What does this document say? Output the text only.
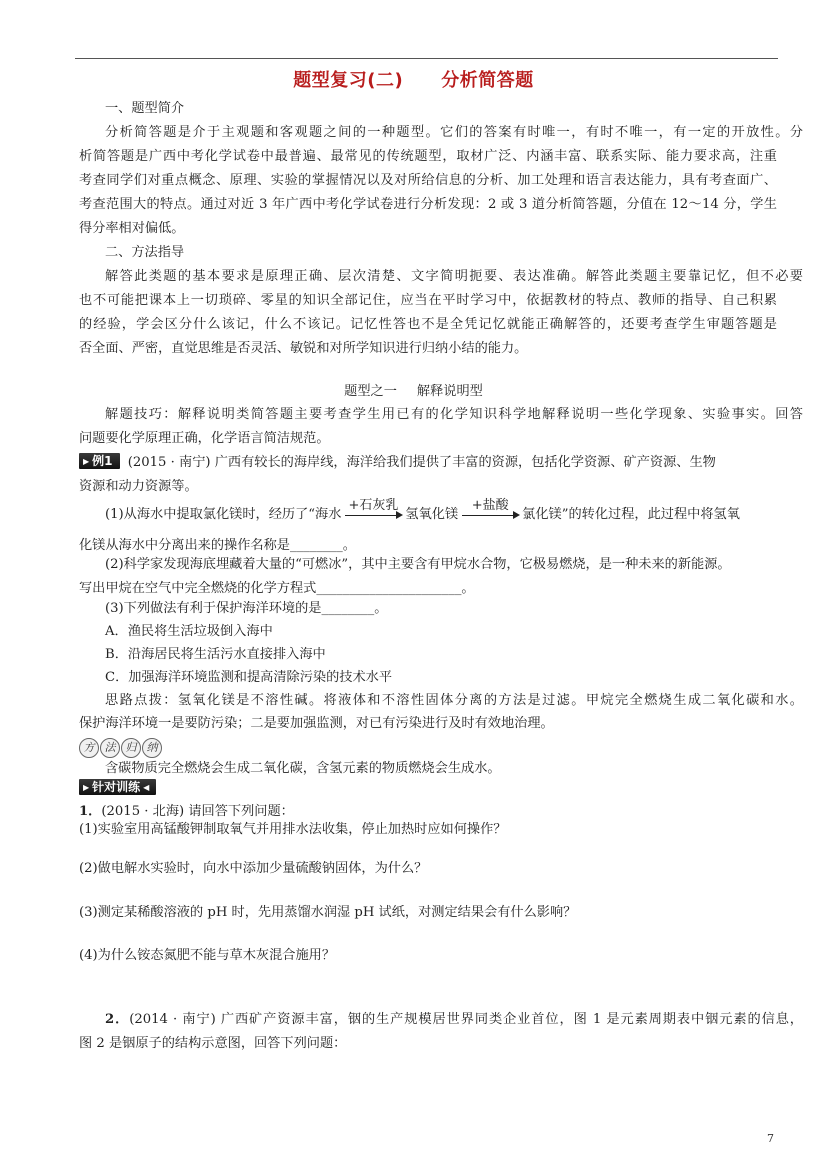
题型复习(二) 分析简答题
一、题型简介
分析简答题是介于主观题和客观题之间的一种题型。它们的答案有时唯一，有时不唯一，有一定的开放性。分
析简答题是广西中考化学试卷中最普遍、最常见的传统题型，取材广泛、内涵丰富、联系实际、能力要求高，注重
考查同学们对重点概念、原理、实验的掌握情况以及对所给信息的分析、加工处理和语言表达能力，具有考查面广、
考查范围大的特点。通过对近 3 年广西中考化学试卷进行分析发现：2 或 3 道分析简答题，分值在 12～14 分，学生
得分率相对偏低。
二、方法指导
解答此类题的基本要求是原理正确、层次清楚、文字简明扼要、表达准确。解答此类题主要靠记忆，但不必要
也不可能把课本上一切琐碎、零星的知识全部记住，应当在平时学习中，依据教材的特点、教师的指导、自己积累
的经验，学会区分什么该记，什么不该记。记忆性答也不是全凭记忆就能正确解答的，还要考查学生审题答题是
否全面、严密，直觉思维是否灵活、敏锐和对所学知识进行归纳小结的能力。
题型之一 解释说明型
解题技巧：解释说明类简答题主要考查学生用已有的化学知识科学地解释说明一些化学现象、实验事实。回答
问题要化学原理正确，化学语言简洁规范。
▶ 例1 (2015 · 南宁) 广西有较长的海岸线，海洋给我们提供了丰富的资源，包括化学资源、矿产资源、生物
资源和动力资源等。
(1)从海水中提取氯化镁时，经历了“海水
+石灰乳
氢氧化镁
+盐酸
氯化镁”的转化过程，此过程中将氢氧
化镁从海水中分离出来的操作名称是________。
(2)科学家发现海底埋藏着大量的“可燃冰”，其中主要含有甲烷水合物，它极易燃烧，是一种未来的新能源。
写出甲烷在空气中完全燃烧的化学方程式______________________。
(3)下列做法有利于保护海洋环境的是________。
A．渔民将生活垃圾倒入海中
B．沿海居民将生活污水直接排入海中
C．加强海洋环境监测和提高清除污染的技术水平
思路点拨：氢氧化镁是不溶性碱。将液体和不溶性固体分离的方法是过滤。甲烷完全燃烧生成二氧化碳和水。
保护海洋环境一是要防污染；二是要加强监测，对已有污染进行及时有效地治理。
方 法 归 纳
含碳物质完全燃烧会生成二氧化碳，含氢元素的物质燃烧会生成水。
▶ 针对训练 ◀
1．(2015 · 北海) 请回答下列问题：
(1)实验室用高锰酸钾制取氧气并用排水法收集，停止加热时应如何操作？
(2)做电解水实验时，向水中添加少量硫酸钠固体，为什么？
(3)测定某稀酸溶液的 pH 时，先用蒸馏水润湿 pH 试纸，对测定结果会有什么影响？
(4)为什么铵态氮肥不能与草木灰混合施用？
2．(2014 · 南宁) 广西矿产资源丰富，铟的生产规模居世界同类企业首位，图 1 是元素周期表中铟元素的信息，
图 2 是铟原子的结构示意图，回答下列问题：
7
